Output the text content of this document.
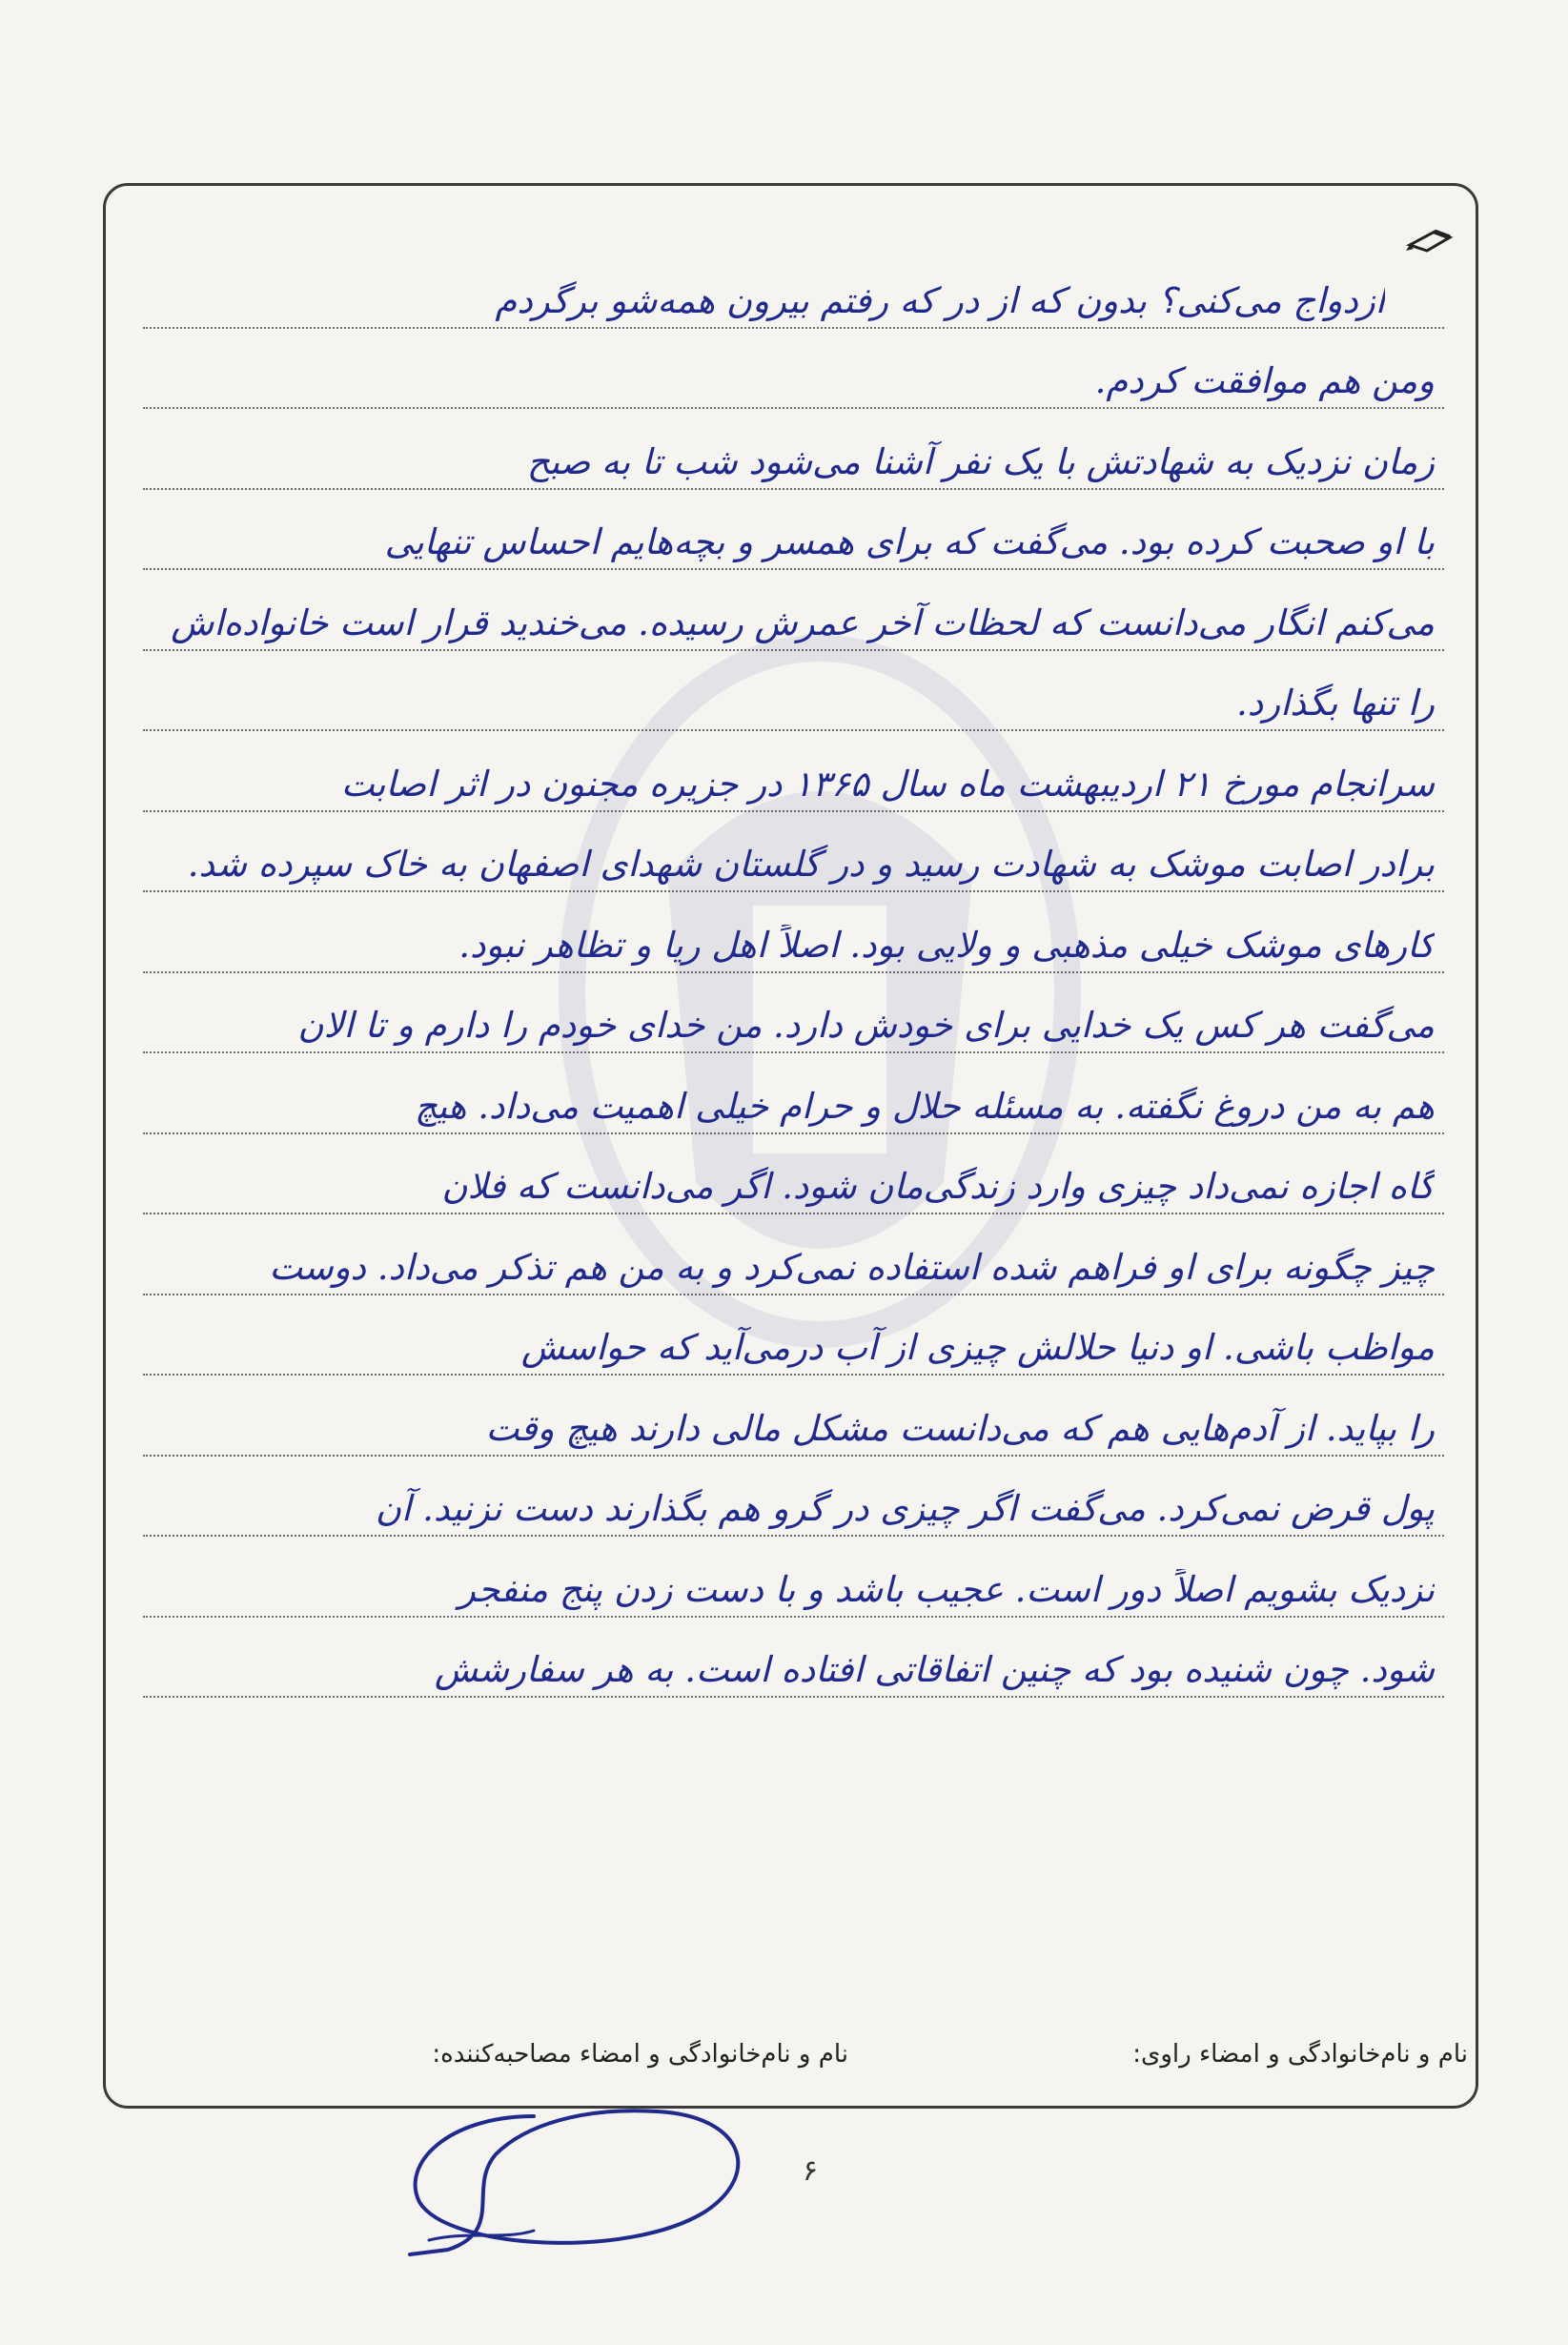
ازدواج می‌کنی؟ بدون که از در که رفتم بیرون همه‌شو برگردم
ومن هم موافقت کردم.
زمان نزدیک به شهادتش با یک نفر آشنا می‌شود شب تا به صبح
با او صحبت کرده بود. می‌گفت که برای همسر و بچه‌هایم احساس تنهایی
می‌کنم انگار می‌دانست که لحظات آخر عمرش رسیده. می‌خندید قرار است خانواده‌اش
را تنها بگذارد.
سرانجام مورخ ۲۱ اردیبهشت ماه سال ۱۳۶۵ در جزیره مجنون در اثر اصابت
برادر اصابت موشک به شهادت رسید و در گلستان شهدای اصفهان به خاک سپرده شد.
کارهای موشک خیلی مذهبی و ولایی بود. اصلاً اهل ریا و تظاهر نبود.
می‌گفت هر کس یک خدایی برای خودش دارد. من خدای خودم را دارم و تا الان
هم به من دروغ نگفته. به مسئله حلال و حرام خیلی اهمیت می‌داد. هیچ
گاه اجازه نمی‌داد چیزی وارد زندگی‌مان شود. اگر می‌دانست که فلان
چیز چگونه برای او فراهم شده استفاده نمی‌کرد و به من هم تذکر می‌داد. دوست
مواظب باشی. او دنیا حلالش چیزی از آب درمی‌آید که حواسش
را بپاید. از آدم‌هایی هم که می‌دانست مشکل مالی دارند هیچ وقت
پول قرض نمی‌کرد. می‌گفت اگر چیزی در گرو هم بگذارند دست نزنید. آن
نزدیک بشویم اصلاً دور است. عجیب باشد و با دست زدن پنج منفجر
شود. چون شنیده بود که چنین اتفاقاتی افتاده است. به هر سفارشش
نام و نام‌خانوادگی و امضاء راوی:
نام و نام‌خانوادگی و امضاء مصاحبه‌کننده:
۶
